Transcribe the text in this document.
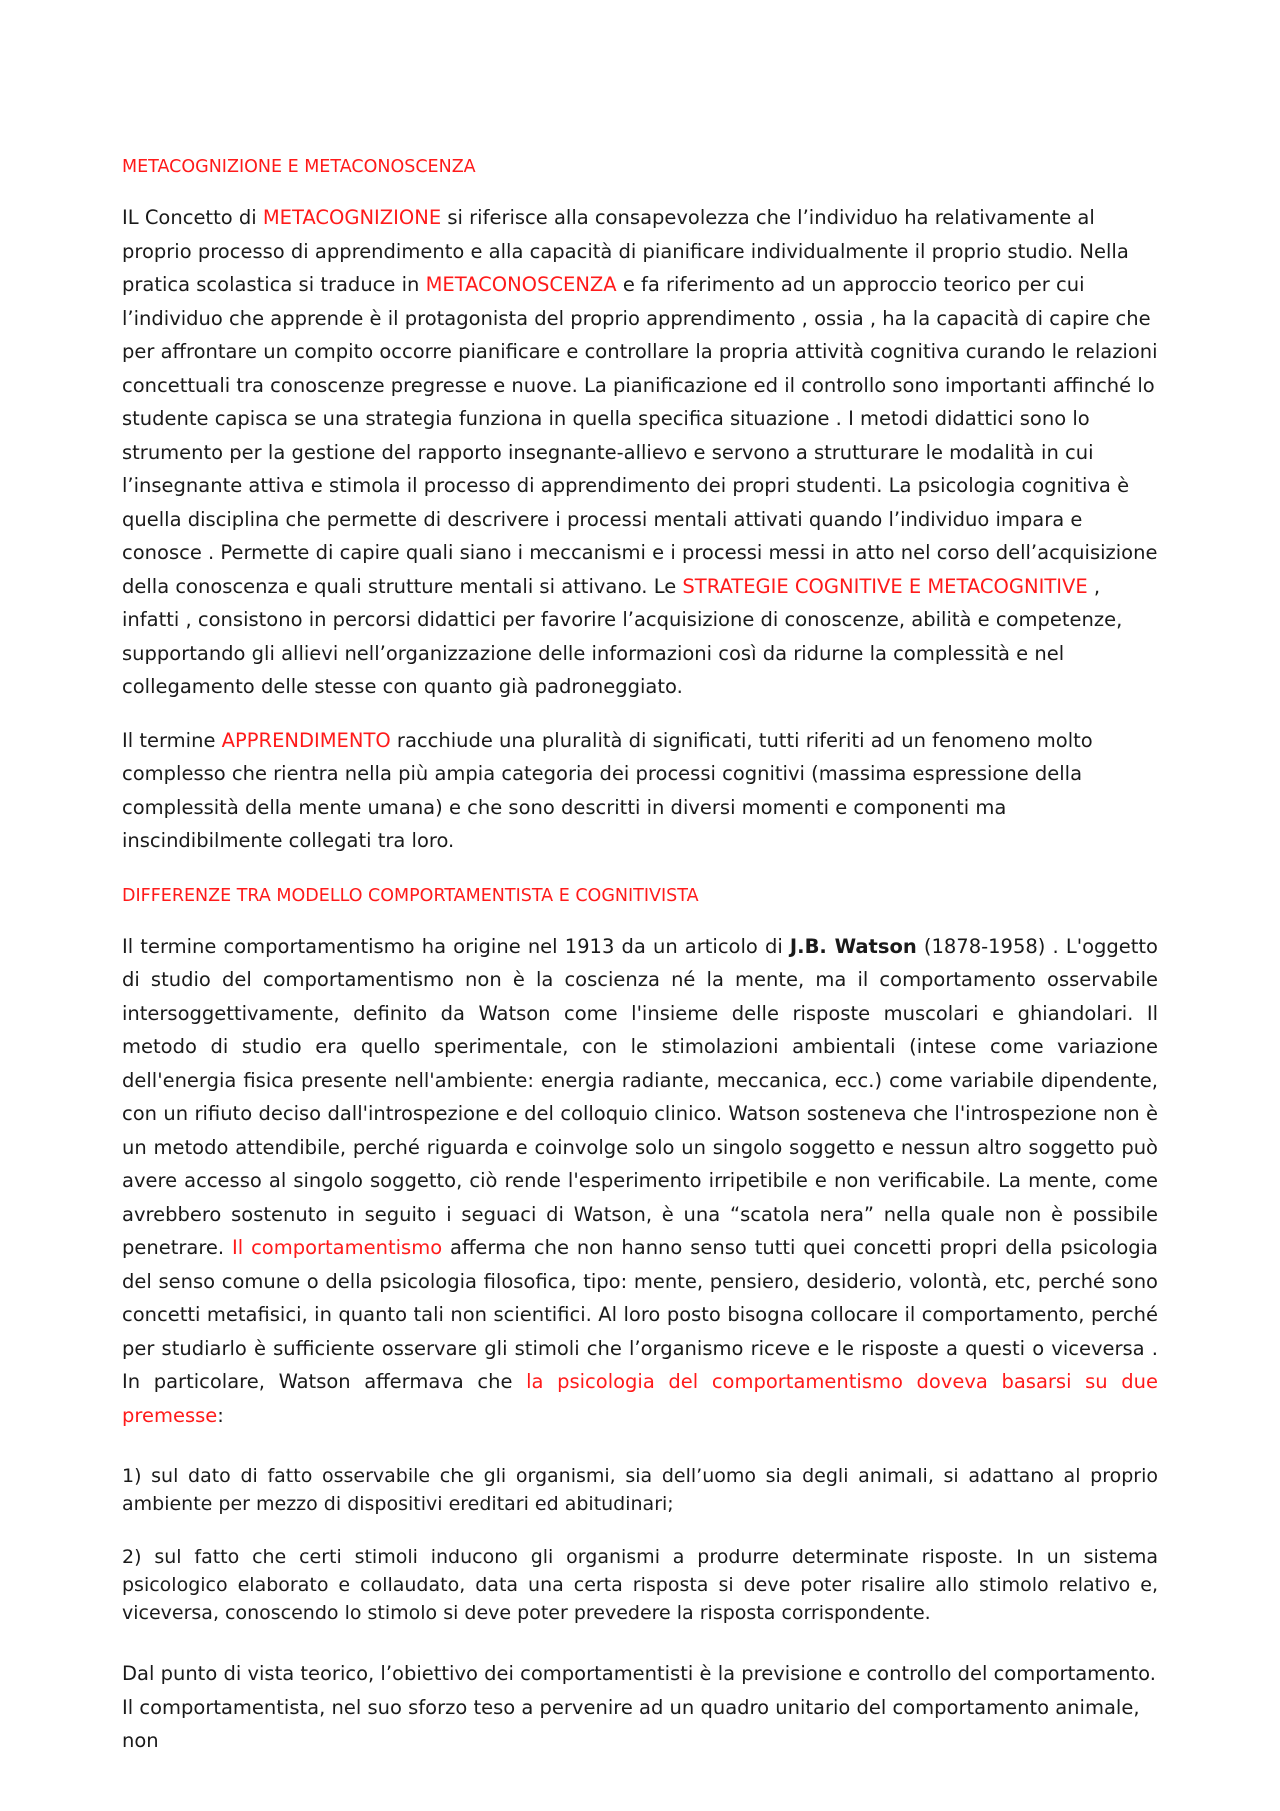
METACOGNIZIONE E METACONOSCENZA

IL Concetto di METACOGNIZIONE si riferisce alla consapevolezza che l’individuo ha relativamente al proprio processo di apprendimento e alla capacità di pianificare individualmente il proprio studio. Nella pratica scolastica si traduce in METACONOSCENZA e fa riferimento ad un approccio teorico per cui l’individuo che apprende è il protagonista del proprio apprendimento , ossia , ha la capacità di capire che per affrontare un compito occorre pianificare e controllare la propria attività cognitiva curando le relazioni concettuali tra conoscenze pregresse e nuove. La pianificazione ed il controllo sono importanti affinché lo studente capisca se una strategia funziona in quella specifica situazione . I metodi didattici sono lo strumento per la gestione del rapporto insegnante-allievo e servono a strutturare le modalità in cui l’insegnante attiva e stimola il processo di apprendimento dei propri studenti. La psicologia cognitiva è quella disciplina che permette di descrivere i processi mentali attivati quando l’individuo impara e conosce . Permette di capire quali siano i meccanismi e i processi messi in atto nel corso dell’acquisizione della conoscenza e quali strutture mentali si attivano. Le STRATEGIE COGNITIVE E METACOGNITIVE , infatti , consistono in percorsi didattici per favorire l’acquisizione di conoscenze, abilità e competenze, supportando gli allievi nell’organizzazione delle informazioni così da ridurne la complessità e nel collegamento delle stesse con quanto già padroneggiato.

Il termine APPRENDIMENTO racchiude una pluralità di significati, tutti riferiti ad un fenomeno molto complesso che rientra nella più ampia categoria dei processi cognitivi (massima espressione della complessità della mente umana) e che sono descritti in diversi momenti e componenti ma inscindibilmente collegati tra loro.

DIFFERENZE TRA MODELLO COMPORTAMENTISTA E COGNITIVISTA

Il termine comportamentismo ha origine nel 1913 da un articolo di J.B. Watson (1878-1958) . L'oggetto di studio del comportamentismo non è la coscienza né la mente, ma il comportamento osservabile intersoggettivamente, definito da Watson come l'insieme delle risposte muscolari e ghiandolari. Il metodo di studio era quello sperimentale, con le stimolazioni ambientali (intese come variazione dell'energia fisica presente nell'ambiente: energia radiante, meccanica, ecc.) come variabile dipendente, con un rifiuto deciso dall'introspezione e del colloquio clinico. Watson sosteneva che l'introspezione non è un metodo attendibile, perché riguarda e coinvolge solo un singolo soggetto e nessun altro soggetto può avere accesso al singolo soggetto, ciò rende l'esperimento irripetibile e non verificabile. La mente, come avrebbero sostenuto in seguito i seguaci di Watson, è una “scatola nera” nella quale non è possibile penetrare. Il comportamentismo afferma che non hanno senso tutti quei concetti propri della psicologia del senso comune o della psicologia filosofica, tipo: mente, pensiero, desiderio, volontà, etc, perché sono concetti metafisici, in quanto tali non scientifici. Al loro posto bisogna collocare il comportamento, perché per studiarlo è sufficiente osservare gli stimoli che l’organismo riceve e le risposte a questi o viceversa . In particolare, Watson affermava che la psicologia del comportamentismo doveva basarsi su due premesse:

1) sul dato di fatto osservabile che gli organismi, sia dell’uomo sia degli animali, si adattano al proprio ambiente per mezzo di dispositivi ereditari ed abitudinari;

2) sul fatto che certi stimoli inducono gli organismi a produrre determinate risposte. In un sistema psicologico elaborato e collaudato, data una certa risposta si deve poter risalire allo stimolo relativo e, viceversa, conoscendo lo stimolo si deve poter prevedere la risposta corrispondente.

Dal punto di vista teorico, l’obiettivo dei comportamentisti è la previsione e controllo del comportamento. Il comportamentista, nel suo sforzo teso a pervenire ad un quadro unitario del comportamento animale, non
